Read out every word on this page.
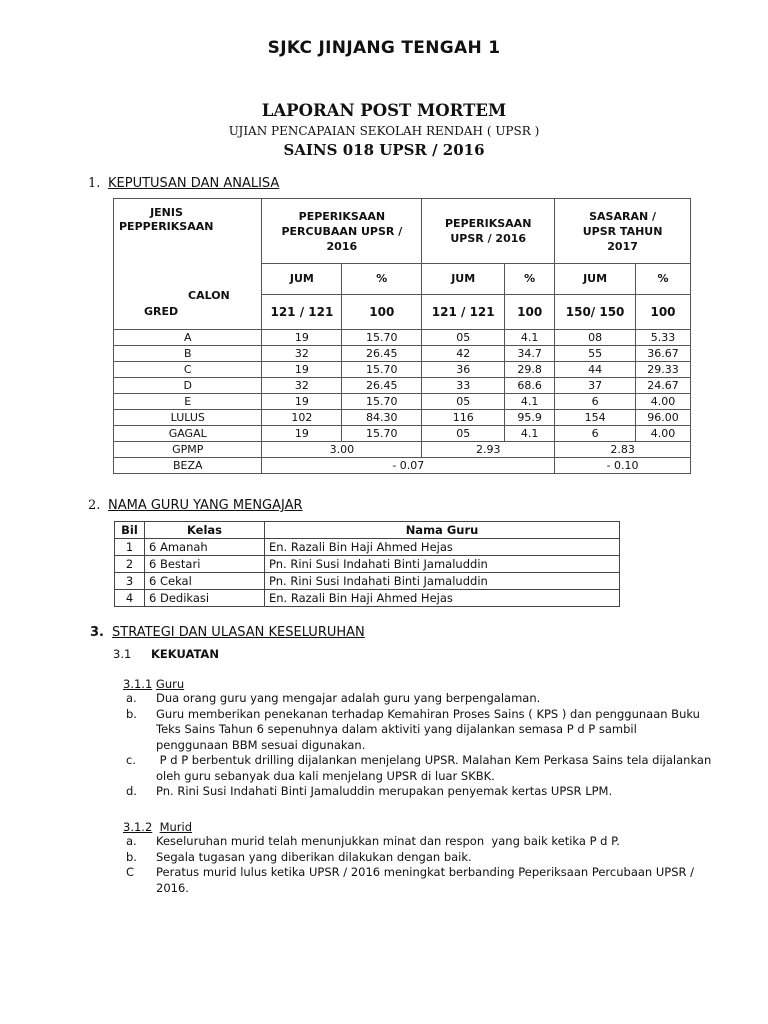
SJKC JINJANG TENGAH 1
LAPORAN POST MORTEM
UJIAN PENCAPAIAN SEKOLAH RENDAH ( UPSR )
SAINS 018 UPSR / 2016
1. KEPUTUSAN DAN ANALISA
JENIS
PEPPERIKSAAN
CALON
GRED	PEPERIKSAAN PERCUBAAN UPSR / 2016		PEPERIKSAAN UPSR / 2016		SASARAN / UPSR TAHUN 2017	
	JUM	%	JUM	%	JUM	%
	121 / 121	100	121 / 121	100	150/ 150	100
A	19	15.70	05	4.1	08	5.33
B	32	26.45	42	34.7	55	36.67
C	19	15.70	36	29.8	44	29.33
D	32	26.45	33	68.6	37	24.67
E	19	15.70	05	4.1	6	4.00
LULUS	102	84.30	116	95.9	154	96.00
GAGAL	19	15.70	05	4.1	6	4.00
GPMP	3.00		2.93		2.83	
BEZA	- 0.07				- 0.10	
2. NAMA GURU YANG MENGAJAR
Bil	Kelas	Nama Guru
1	6 Amanah	En. Razali Bin Haji Ahmed Hejas
2	6 Bestari	Pn. Rini Susi Indahati Binti Jamaluddin
3	6 Cekal	Pn. Rini Susi Indahati Binti Jamaluddin
4	6 Dedikasi	En. Razali Bin Haji Ahmed Hejas
3. STRATEGI DAN ULASAN KESELURUHAN
3.1 KEKUATAN
3.1.1 Guru
a.	Dua orang guru yang mengajar adalah guru yang berpengalaman.
b.	Guru memberikan penekanan terhadap Kemahiran Proses Sains ( KPS ) dan penggunaan Buku
Teks Sains Tahun 6 sepenuhnya dalam aktiviti yang dijalankan semasa P d P sambil
penggunaan BBM sesuai digunakan.
c.	P d P berbentuk drilling dijalankan menjelang UPSR. Malahan Kem Perkasa Sains tela dijalankan
oleh guru sebanyak dua kali menjelang UPSR di luar SKBK.
d.	Pn. Rini Susi Indahati Binti Jamaluddin merupakan penyemak kertas UPSR LPM.
3.1.2 Murid
a.	Keseluruhan murid telah menunjukkan minat dan respon  yang baik ketika P d P.
b.	Segala tugasan yang diberikan dilakukan dengan baik.
C	Peratus murid lulus ketika UPSR / 2016 meningkat berbanding Peperiksaan Percubaan UPSR /
2016.
